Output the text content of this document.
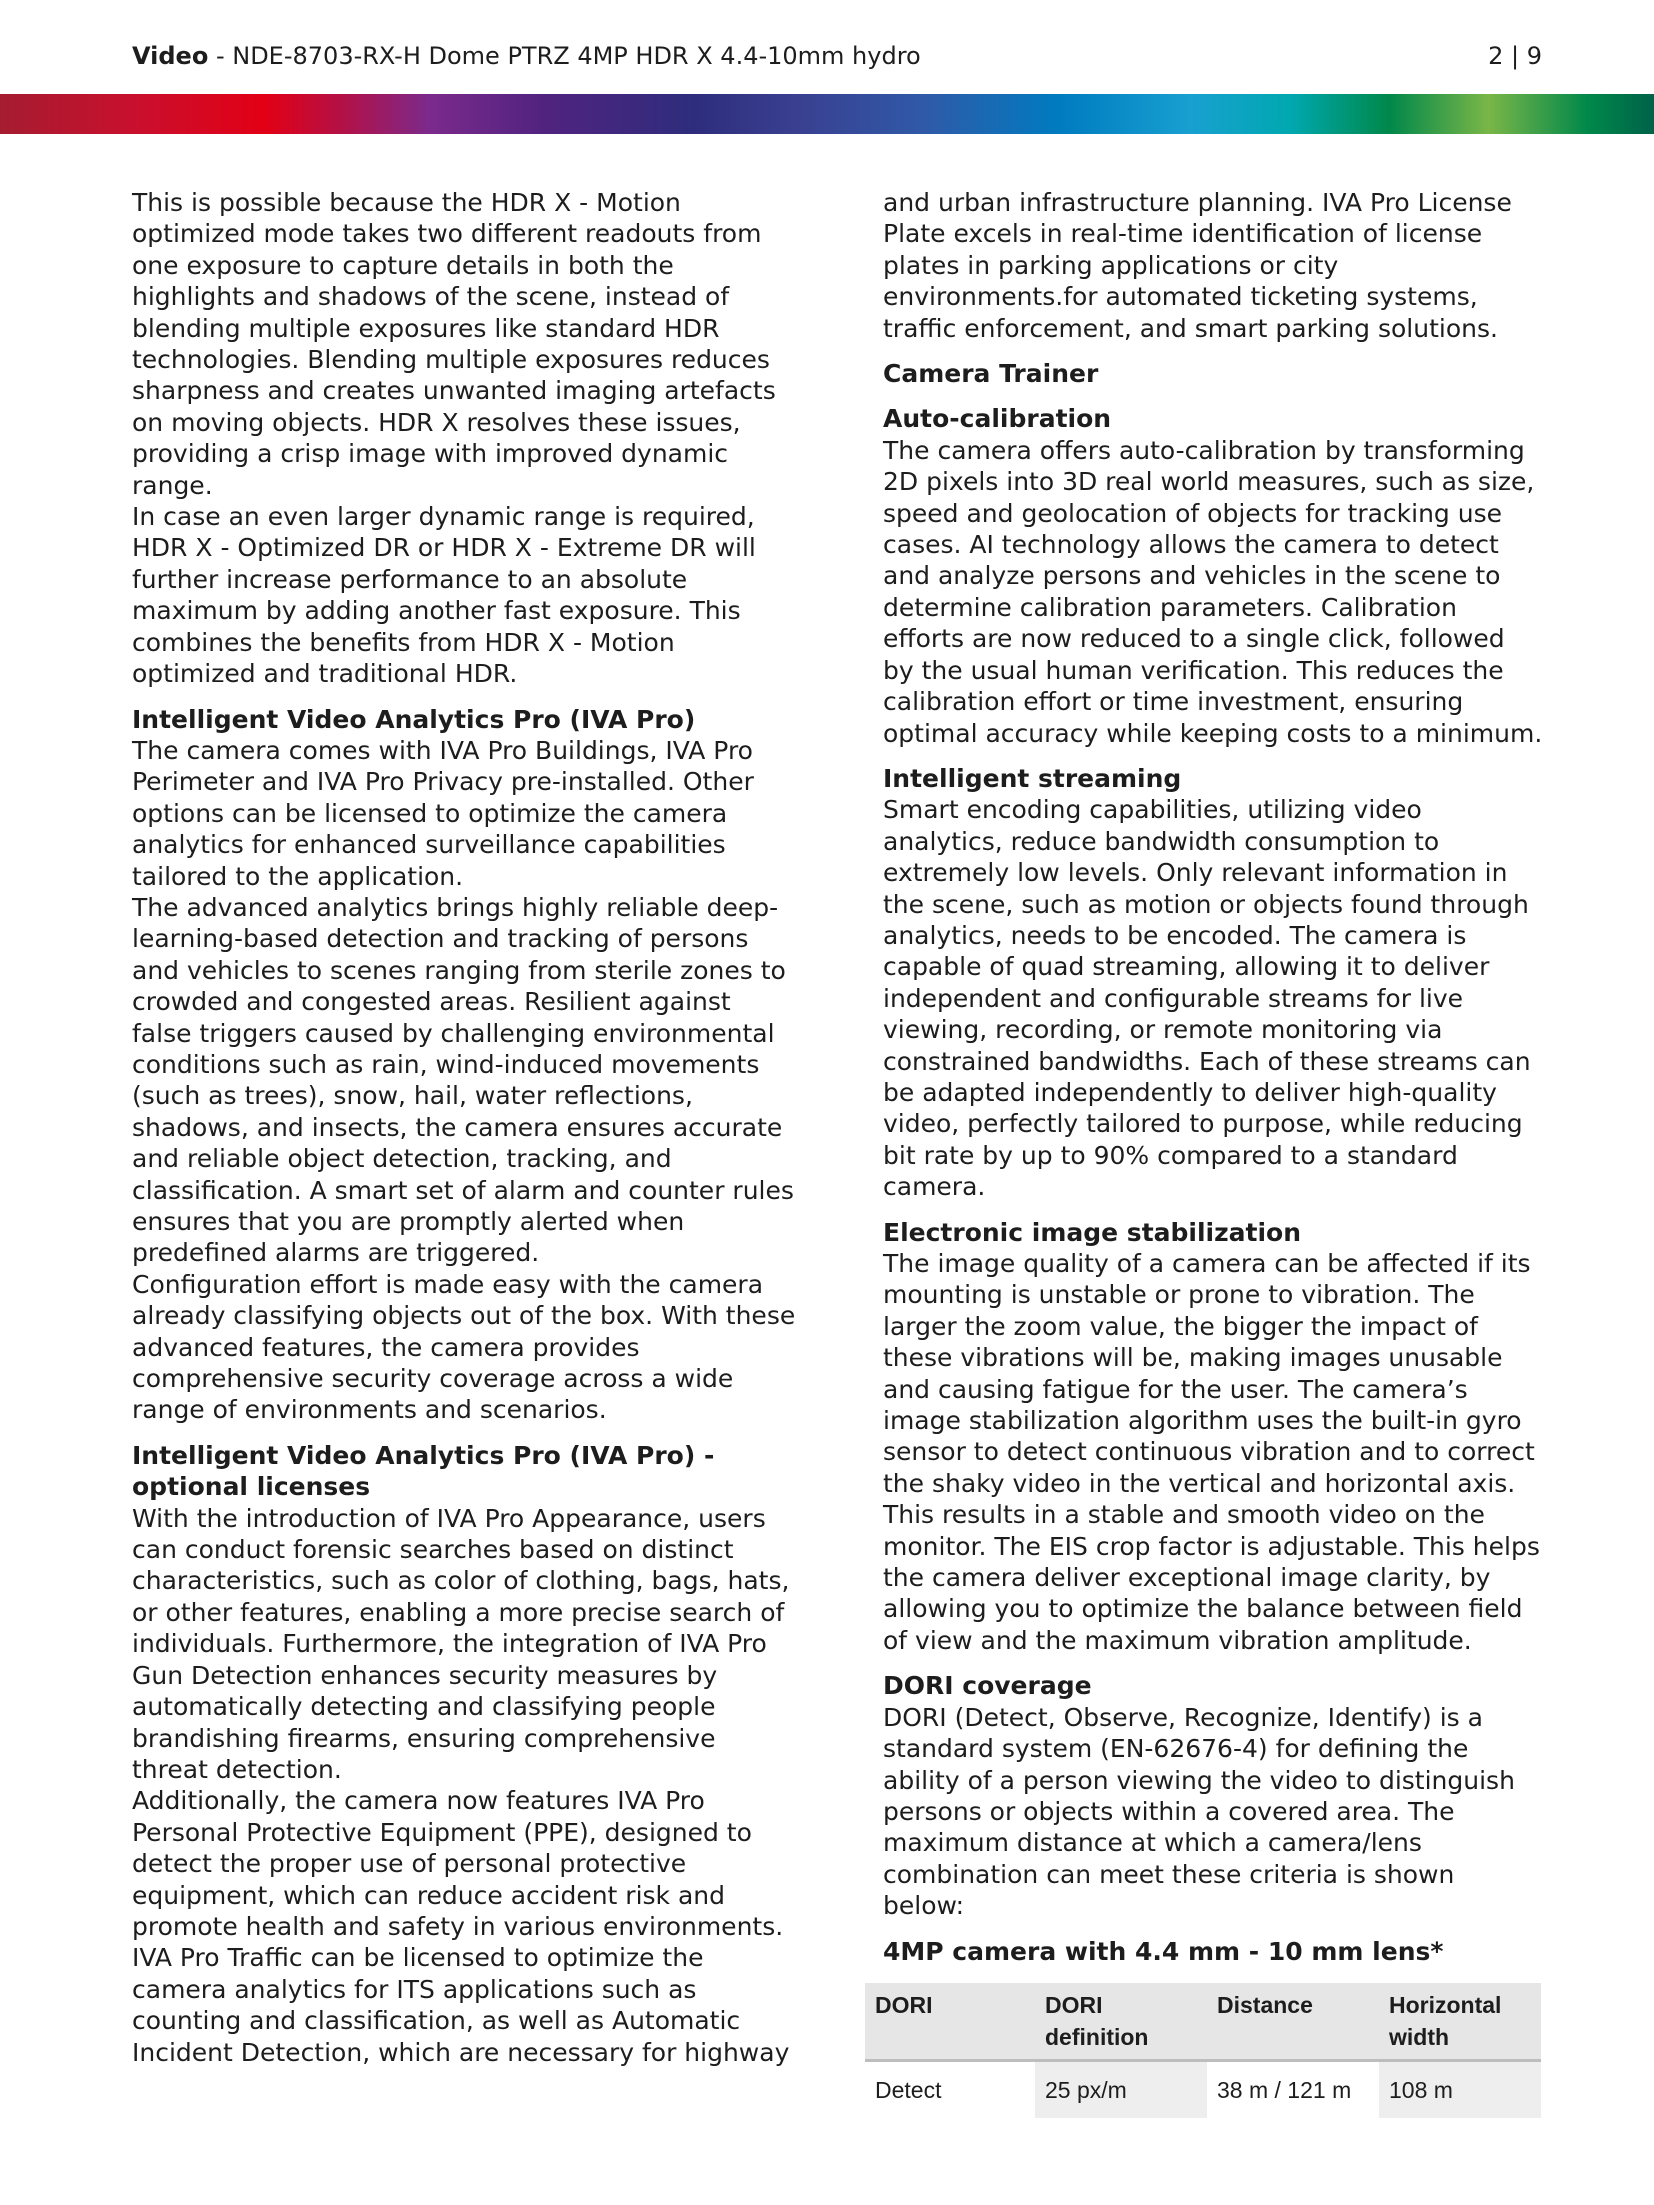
Video - NDE-8703-RX-H Dome PTRZ 4MP HDR X 4.4-10mm hydro	2 | 9

This is possible because the HDR X - Motion optimized mode takes two different readouts from one exposure to capture details in both the highlights and shadows of the scene, instead of blending multiple exposures like standard HDR technologies. Blending multiple exposures reduces sharpness and creates unwanted imaging artefacts on moving objects. HDR X resolves these issues, providing a crisp image with improved dynamic range.

In case an even larger dynamic range is required, HDR X - Optimized DR or HDR X - Extreme DR will further increase performance to an absolute maximum by adding another fast exposure. This combines the benefits from HDR X - Motion optimized and traditional HDR.

Intelligent Video Analytics Pro (IVA Pro)

The camera comes with IVA Pro Buildings, IVA Pro Perimeter and IVA Pro Privacy pre-installed. Other options can be licensed to optimize the camera analytics for enhanced surveillance capabilities tailored to the application.

The advanced analytics brings highly reliable deep-learning-based detection and tracking of persons and vehicles to scenes ranging from sterile zones to crowded and congested areas. Resilient against false triggers caused by challenging environmental conditions such as rain, wind-induced movements (such as trees), snow, hail, water reflections, shadows, and insects, the camera ensures accurate and reliable object detection, tracking, and classification. A smart set of alarm and counter rules ensures that you are promptly alerted when predefined alarms are triggered.

Configuration effort is made easy with the camera already classifying objects out of the box. With these advanced features, the camera provides comprehensive security coverage across a wide range of environments and scenarios.

Intelligent Video Analytics Pro (IVA Pro) - optional licenses

With the introduction of IVA Pro Appearance, users can conduct forensic searches based on distinct characteristics, such as color of clothing, bags, hats, or other features, enabling a more precise search of individuals. Furthermore, the integration of IVA Pro Gun Detection enhances security measures by automatically detecting and classifying people brandishing firearms, ensuring comprehensive threat detection.

Additionally, the camera now features IVA Pro Personal Protective Equipment (PPE), designed to detect the proper use of personal protective equipment, which can reduce accident risk and promote health and safety in various environments.

IVA Pro Traffic can be licensed to optimize the camera analytics for ITS applications such as counting and classification, as well as Automatic Incident Detection, which are necessary for highway

and urban infrastructure planning. IVA Pro License Plate excels in real-time identification of license plates in parking applications or city environments.for automated ticketing systems, traffic enforcement, and smart parking solutions.

Camera Trainer
Auto-calibration

The camera offers auto-calibration by transforming 2D pixels into 3D real world measures, such as size, speed and geolocation of objects for tracking use cases. AI technology allows the camera to detect and analyze persons and vehicles in the scene to determine calibration parameters. Calibration efforts are now reduced to a single click, followed by the usual human verification. This reduces the calibration effort or time investment, ensuring optimal accuracy while keeping costs to a minimum.

Intelligent streaming

Smart encoding capabilities, utilizing video analytics, reduce bandwidth consumption to extremely low levels. Only relevant information in the scene, such as motion or objects found through analytics, needs to be encoded. The camera is capable of quad streaming, allowing it to deliver independent and configurable streams for live viewing, recording, or remote monitoring via constrained bandwidths. Each of these streams can be adapted independently to deliver high-quality video, perfectly tailored to purpose, while reducing bit rate by up to 90% compared to a standard camera.

Electronic image stabilization

The image quality of a camera can be affected if its mounting is unstable or prone to vibration. The larger the zoom value, the bigger the impact of these vibrations will be, making images unusable and causing fatigue for the user. The camera’s image stabilization algorithm uses the built-in gyro sensor to detect continuous vibration and to correct the shaky video in the vertical and horizontal axis. This results in a stable and smooth video on the monitor. The EIS crop factor is adjustable. This helps the camera deliver exceptional image clarity, by allowing you to optimize the balance between field of view and the maximum vibration amplitude.

DORI coverage

DORI (Detect, Observe, Recognize, Identify) is a standard system (EN-62676-4) for defining the ability of a person viewing the video to distinguish persons or objects within a covered area. The maximum distance at which a camera/lens combination can meet these criteria is shown below:

4MP camera with 4.4 mm - 10 mm lens*
DORI	DORI definition	Distance	Horizontal width
Detect	25 px/m	38 m / 121 m	108 m
